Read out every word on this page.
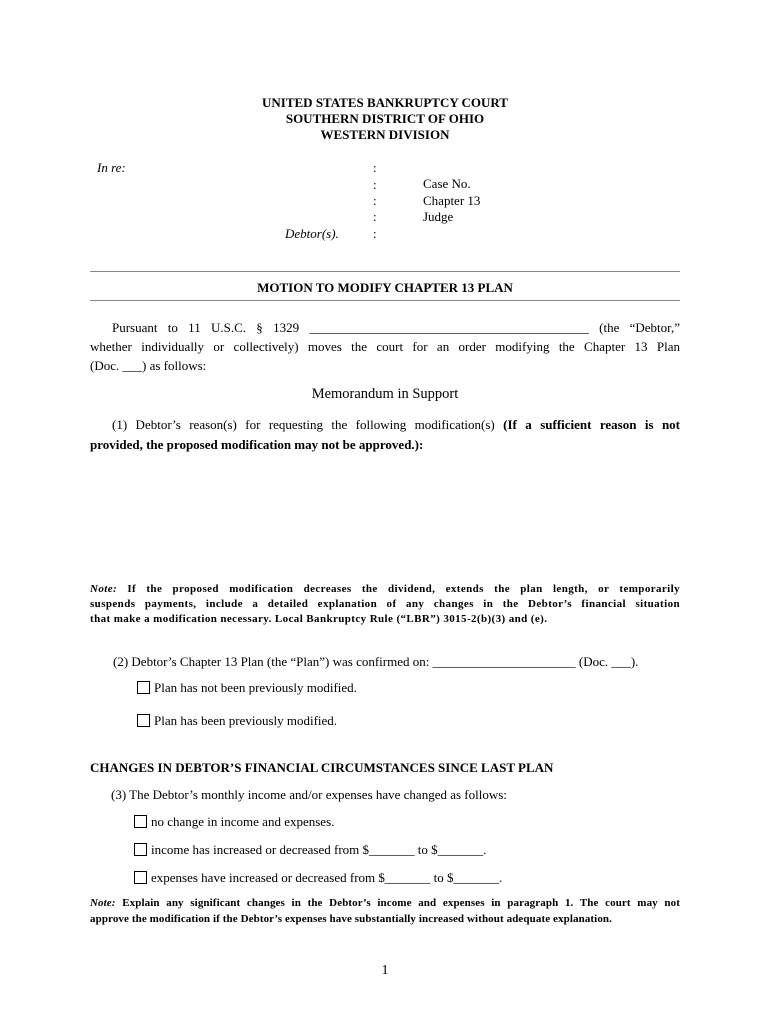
UNITED STATES BANKRUPTCY COURT
SOUTHERN DISTRICT OF OHIO
WESTERN DIVISION
In re:	:
:
:
:
:
Case No.
Chapter 13
Judge
Debtor(s).
MOTION TO MODIFY CHAPTER 13 PLAN
Pursuant to 11 U.S.C. § 1329 ___________________________________________ (the “Debtor,”
whether individually or collectively) moves the court for an order modifying the Chapter 13 Plan
(Doc. ___) as follows:
Memorandum in Support
(1) Debtor’s reason(s) for requesting the following modification(s) (If a sufficient reason is not
provided, the proposed modification may not be approved.):
Note: If the proposed modification decreases the dividend, extends the plan length, or temporarily
suspends payments, include a detailed explanation of any changes in the Debtor’s financial situation
that make a modification necessary. Local Bankruptcy Rule (“LBR”) 3015-2(b)(3) and (e).
(2) Debtor’s Chapter 13 Plan (the “Plan”) was confirmed on: ______________________ (Doc. ___).
Plan has not been previously modified.
Plan has been previously modified.
CHANGES IN DEBTOR’S FINANCIAL CIRCUMSTANCES SINCE LAST PLAN
(3) The Debtor’s monthly income and/or expenses have changed as follows:
no change in income and expenses.
income has increased or decreased from $_______ to $_______.
expenses have increased or decreased from $_______ to $_______.
Note: Explain any significant changes in the Debtor’s income and expenses in paragraph 1. The court may not
approve the modification if the Debtor’s expenses have substantially increased without adequate explanation.
1
